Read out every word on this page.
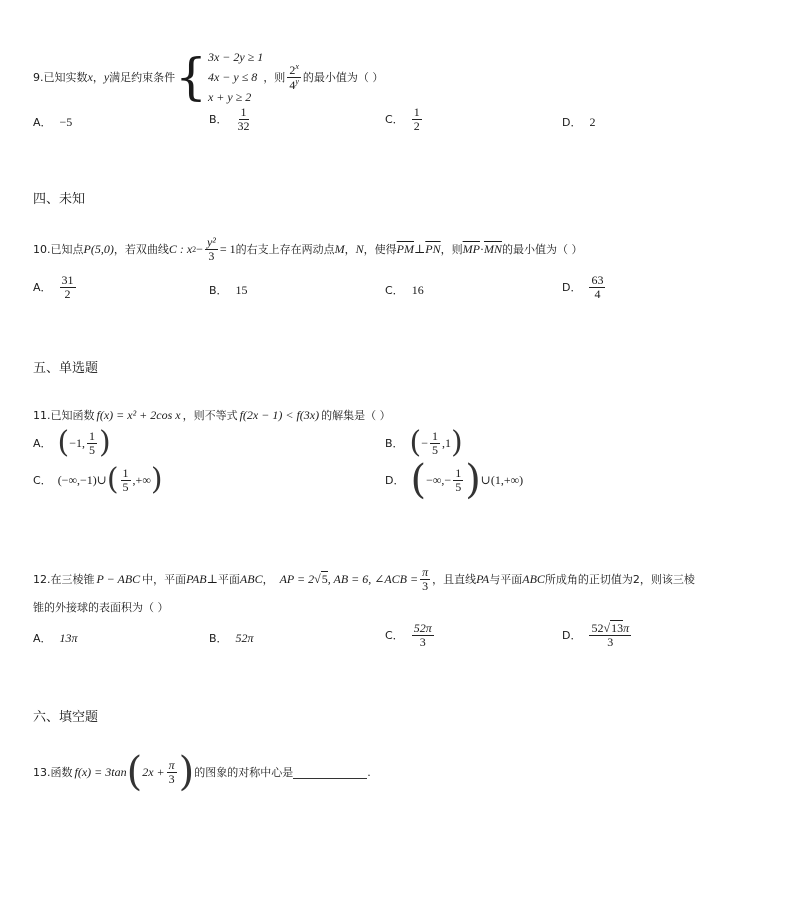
9. 已知实数 x ， y 满足约束条件 { 3x − 2y ≥ 1
4x − y ≤ 8
x + y ≥ 2
，则 $\frac{2^x}{4^y}$ 的最小值为（ ）
A． −5	B． $\frac{1}{32}$	C． $\frac{1}{2}$	D． 2
四、未知
10. 已知点 P(5,0) ，若双曲线 C : x $2 - \frac{\text{y²}}{3} = 1$ 的右支上存在两动点 M ， N ，使得 $\overline{PM}$ ⊥ $\overline{PN}$ ，则 $\overline{MP} \cdot \overline{MN}$ 的最小值为（ ）
A． $\frac{31}{2}$	B． 15	C． 16	D． $\frac{63}{4}$
五、单选题
11. 已知函数 f(x) = x² + 2cos x ，则不等式 f(2x − 1) < f(3x) 的解集是（ ）
A． ( −1, $\frac{1}{5}$ )	B． ( − $\frac{1}{5} ,1$ )
C． (−∞,−1)∪ ( $\frac{1}{5}$ ,+∞ )	D． ( −∞,− $\frac{1}{5}$ ) ∪(1,+∞)
12. 在三棱锥 P − ABC 中，平面 PAB ⊥ 平面 ABC ， AP = 2 √ 5 , AB = 6, ∠ACB = $\frac{\pi}{3}$ ，且直线 PA 与平面 ABC 所成角的正切值为2，则该三棱
锥的外接球的表面积为（ ）
A． 13π	B． 52π	C． $\frac{52\pi}{3}$	D． $\frac{52√13\pi}{3}$
六、填空题
13. 函数 f(x) = 3tan ( $2x + \frac{\pi}{3}$ ) 的图象的对称中心是	.
